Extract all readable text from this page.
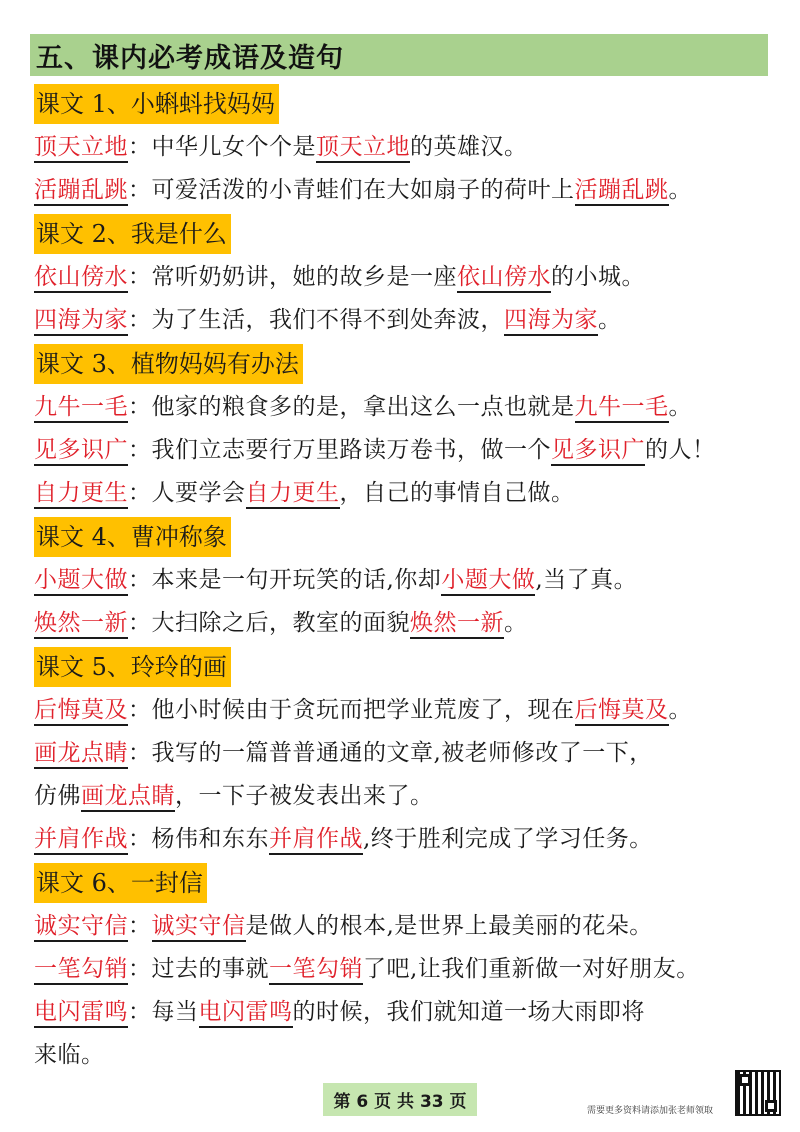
五、课内必考成语及造句
课文 1、小蝌蚪找妈妈
顶天立地：中华儿女个个是顶天立地的英雄汉。
活蹦乱跳：可爱活泼的小青蛙们在大如扇子的荷叶上活蹦乱跳。
课文 2、我是什么
依山傍水：常听奶奶讲，她的故乡是一座依山傍水的小城。
四海为家：为了生活，我们不得不到处奔波，四海为家。
课文 3、植物妈妈有办法
九牛一毛：他家的粮食多的是，拿出这么一点也就是九牛一毛。
见多识广：我们立志要行万里路读万卷书，做一个见多识广的人！
自力更生：人要学会自力更生，自己的事情自己做。
课文 4、曹冲称象
小题大做：本来是一句开玩笑的话,你却小题大做,当了真。
焕然一新：大扫除之后，教室的面貌焕然一新。
课文 5、玲玲的画
后悔莫及：他小时候由于贪玩而把学业荒废了，现在后悔莫及。
画龙点睛：我写的一篇普普通通的文章,被老师修改了一下，
仿佛画龙点睛，一下子被发表出来了。
并肩作战：杨伟和东东并肩作战,终于胜利完成了学习任务。
课文 6、一封信
诚实守信：诚实守信是做人的根本,是世界上最美丽的花朵。
一笔勾销：过去的事就一笔勾销了吧,让我们重新做一对好朋友。
电闪雷鸣：每当电闪雷鸣的时候，我们就知道一场大雨即将
来临。
第 6 页 共 33 页	需要更多资料请添加张老师领取
